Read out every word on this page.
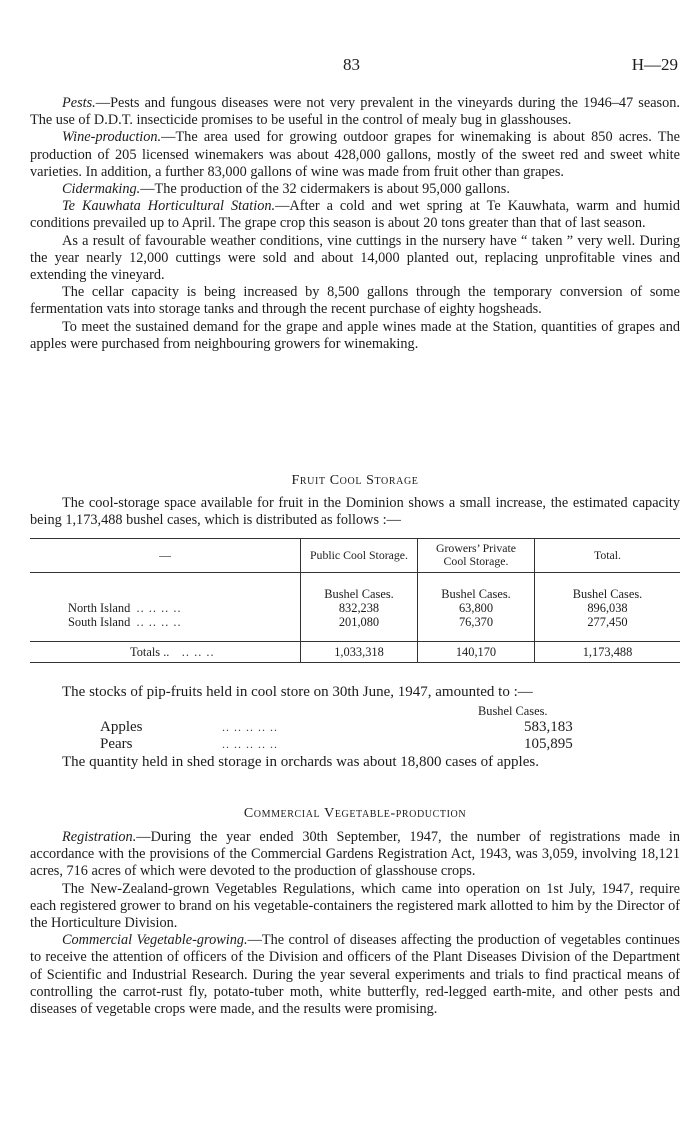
83	H—29

Pests.—Pests and fungous diseases were not very prevalent in the vineyards during the 1946–47 season. The use of D.D.T. insecticide promises to be useful in the control of mealy bug in glasshouses.

Wine-production.—The area used for growing outdoor grapes for winemaking is about 850 acres. The production of 205 licensed winemakers was about 428,000 gallons, mostly of the sweet red and sweet white varieties. In addition, a further 83,000 gallons of wine was made from fruit other than grapes.

Cidermaking.—The production of the 32 cidermakers is about 95,000 gallons.

Te Kauwhata Horticultural Station.—After a cold and wet spring at Te Kauwhata, warm and humid conditions prevailed up to April. The grape crop this season is about 20 tons greater than that of last season.

As a result of favourable weather conditions, vine cuttings in the nursery have “ taken ” very well. During the year nearly 12,000 cuttings were sold and about 14,000 planted out, replacing unprofitable vines and extending the vineyard.

The cellar capacity is being increased by 8,500 gallons through the temporary conversion of some fermentation vats into storage tanks and through the recent purchase of eighty hogsheads.

To meet the sustained demand for the grape and apple wines made at the Station, quantities of grapes and apples were purchased from neighbouring growers for winemaking.

Fruit Cool Storage

The cool-storage space available for fruit in the Dominion shows a small increase, the estimated capacity being 1,173,488 bushel cases, which is distributed as follows :—

—	Public Cool Storage.	Growers’ Private Cool Storage.	Total.
	Bushel Cases.	Bushel Cases.	Bushel Cases.
North Island .. .. .. ..	832,238	63,800	896,038
South Island .. .. .. ..	201,080	76,370	277,450
Totals .. .. .. ..	1,033,318	140,170	1,173,488

The stocks of pip-fruits held in cool store on 30th June, 1947, amounted to :—

Bushel Cases.
Apples	.. .. .. .. ..	583,183
Pears	.. .. .. .. ..	105,895

The quantity held in shed storage in orchards was about 18,800 cases of apples.

Commercial Vegetable-production

Registration.—During the year ended 30th September, 1947, the number of registrations made in accordance with the provisions of the Commercial Gardens Registration Act, 1943, was 3,059, involving 18,121 acres, 716 acres of which were devoted to the production of glasshouse crops.

The New-Zealand-grown Vegetables Regulations, which came into operation on 1st July, 1947, require each registered grower to brand on his vegetable-containers the registered mark allotted to him by the Director of the Horticulture Division.

Commercial Vegetable-growing.—The control of diseases affecting the production of vegetables continues to receive the attention of officers of the Division and officers of the Plant Diseases Division of the Department of Scientific and Industrial Research. During the year several experiments and trials to find practical means of controlling the carrot-rust fly, potato-tuber moth, white butterfly, red-legged earth-mite, and other pests and diseases of vegetable crops were made, and the results were promising.
